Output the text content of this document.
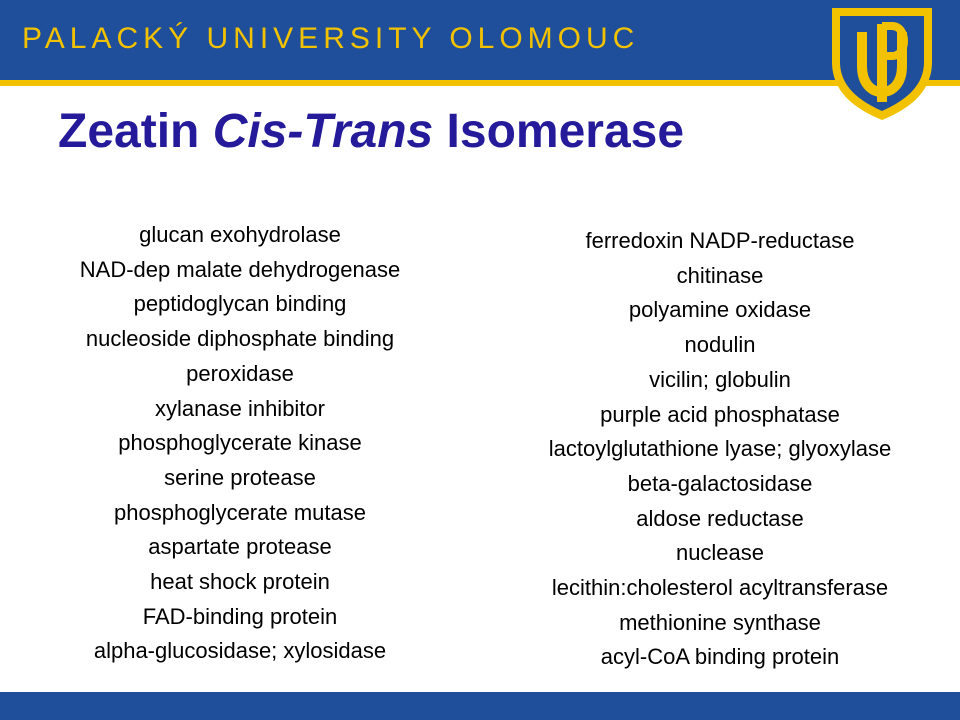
PALACKÝ UNIVERSITY OLOMOUC
Zeatin Cis-Trans Isomerase
glucan exohydrolase
NAD-dep malate dehydrogenase
peptidoglycan binding
nucleoside diphosphate binding
peroxidase
xylanase inhibitor
phosphoglycerate kinase
serine protease
phosphoglycerate mutase
aspartate protease
heat shock protein
FAD-binding protein
alpha-glucosidase; xylosidase
ferredoxin NADP-reductase
chitinase
polyamine oxidase
nodulin
vicilin; globulin
purple acid phosphatase
lactoylglutathione lyase; glyoxylase
beta-galactosidase
aldose reductase
nuclease
lecithin:cholesterol acyltransferase
methionine synthase
acyl-CoA binding protein
